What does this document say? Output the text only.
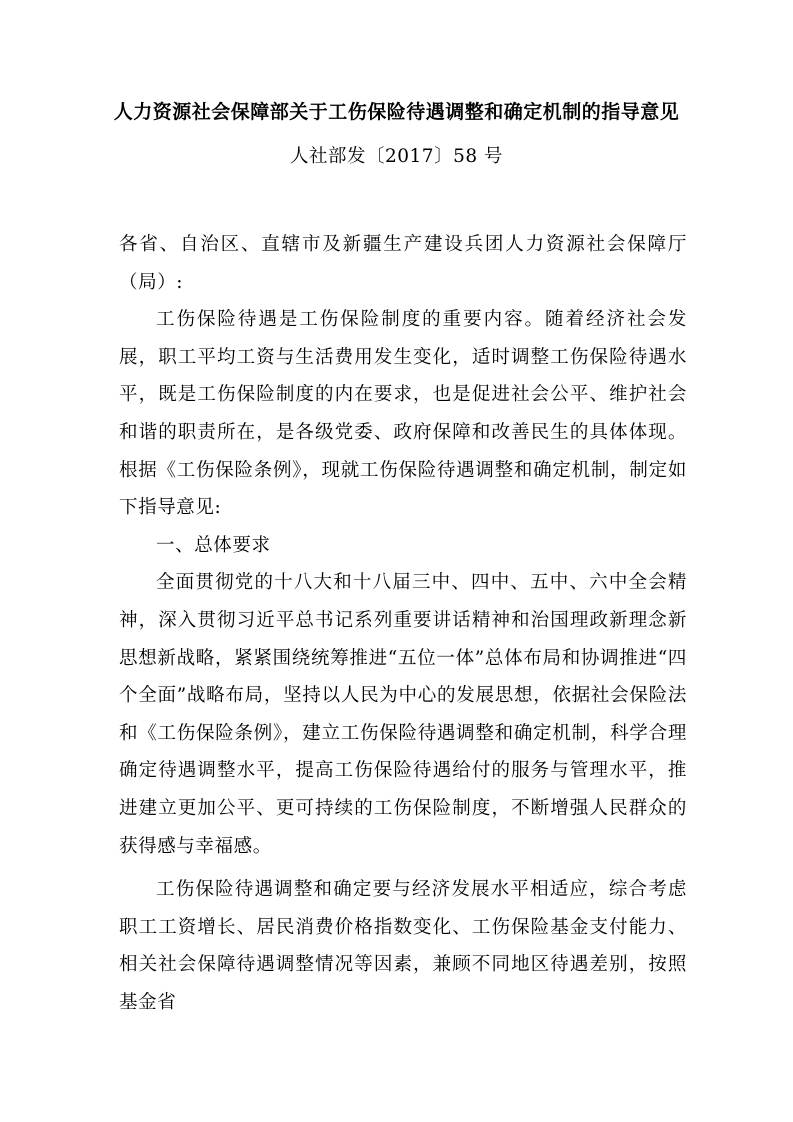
人力资源社会保障部关于工伤保险待遇调整和确定机制的指导意见
人社部发〔2017〕58 号

各省、自治区、直辖市及新疆生产建设兵团人力资源社会保障厅（局）:

工伤保险待遇是工伤保险制度的重要内容。随着经济社会发展，职工平均工资与生活费用发生变化，适时调整工伤保险待遇水平，既是工伤保险制度的内在要求，也是促进社会公平、维护社会和谐的职责所在，是各级党委、政府保障和改善民生的具体体现。根据《工伤保险条例》，现就工伤保险待遇调整和确定机制，制定如下指导意见:

一、总体要求

全面贯彻党的十八大和十八届三中、四中、五中、六中全会精神，深入贯彻习近平总书记系列重要讲话精神和治国理政新理念新思想新战略，紧紧围绕统筹推进“五位一体”总体布局和协调推进“四个全面”战略布局，坚持以人民为中心的发展思想，依据社会保险法和《工伤保险条例》，建立工伤保险待遇调整和确定机制，科学合理确定待遇调整水平，提高工伤保险待遇给付的服务与管理水平，推进建立更加公平、更可持续的工伤保险制度，不断增强人民群众的获得感与幸福感。

工伤保险待遇调整和确定要与经济发展水平相适应，综合考虑职工工资增长、居民消费价格指数变化、工伤保险基金支付能力、相关社会保障待遇调整情况等因素，兼顾不同地区待遇差别，按照基金省
